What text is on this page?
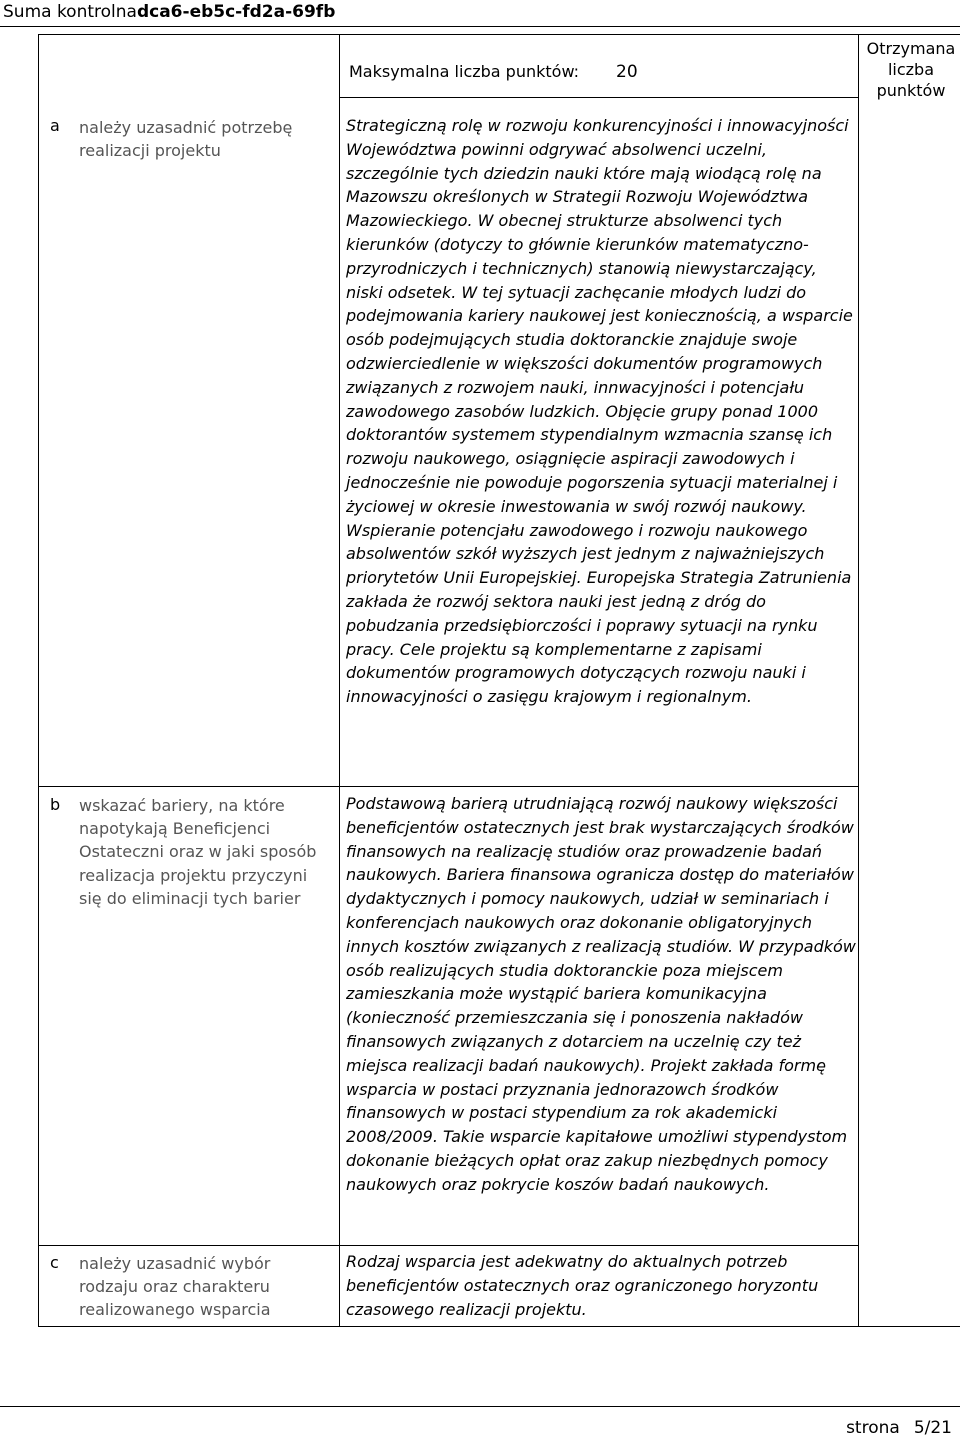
Suma kontrolnadca6-eb5c-fd2a-69fb
Maksymalna liczba punktów: 20
Otrzymana liczba punktów
a należy uzasadnić potrzebę realizacji projektu
Strategiczną rolę w rozwoju konkurencyjności i innowacyjności Województwa powinni odgrywać absolwenci uczelni, szczególnie tych dziedzin nauki które mają wiodącą rolę na Mazowszu określonych w Strategii Rozwoju Województwa Mazowieckiego. W obecnej strukturze absolwenci tych kierunków (dotyczy to głównie kierunków matematyczno-przyrodniczych i technicznych) stanowią niewystarczający, niski odsetek. W tej sytuacji zachęcanie młodych ludzi do podejmowania kariery naukowej jest koniecznością, a wsparcie osób podejmujących studia doktoranckie znajduje swoje odzwierciedlenie w większości dokumentów programowych związanych z rozwojem nauki, innwacyjności i potencjału zawodowego zasobów ludzkich. Objęcie grupy ponad 1000 doktorantów systemem stypendialnym wzmacnia szansę ich rozwoju naukowego, osiągnięcie aspiracji zawodowych i jednocześnie nie powoduje pogorszenia sytuacji materialnej i życiowej w okresie inwestowania w swój rozwój naukowy. Wspieranie potencjału zawodowego i rozwoju naukowego absolwentów szkół wyższych jest jednym z najważniejszych priorytetów Unii Europejskiej. Europejska Strategia Zatrunienia zakłada że rozwój sektora nauki jest jedną z dróg do pobudzania przedsiębiorczości i poprawy sytuacji na rynku pracy. Cele projektu są komplementarne z zapisami dokumentów programowych dotyczących rozwoju nauki i innowacyjności o zasięgu krajowym i regionalnym.
b wskazać bariery, na które napotykają Beneficjenci Ostateczni oraz w jaki sposób realizacja projektu przyczyni się do eliminacji tych barier
Podstawową barierą utrudniającą rozwój naukowy większości beneficjentów ostatecznych jest brak wystarczających środków finansowych na realizację studiów oraz prowadzenie badań naukowych. Bariera finansowa ogranicza dostęp do materiałów dydaktycznych i pomocy naukowych, udział w seminariach i konferencjach naukowych oraz dokonanie obligatoryjnych innych kosztów związanych z realizacją studiów. W przypadków osób realizujących studia doktoranckie poza miejscem zamieszkania może wystąpić bariera komunikacyjna (konieczność przemieszczania się i ponoszenia nakładów finansowych związanych z dotarciem na uczelnię czy też miejsca realizacji badań naukowych). Projekt zakłada formę wsparcia w postaci przyznania jednorazowch środków finansowych w postaci stypendium za rok akademicki 2008/2009. Takie wsparcie kapitałowe umożliwi stypendystom dokonanie bieżących opłat oraz zakup niezbędnych pomocy naukowych oraz pokrycie koszów badań naukowych.
c należy uzasadnić wybór rodzaju oraz charakteru realizowanego wsparcia
Rodzaj wsparcia jest adekwatny do aktualnych potrzeb beneficjentów ostatecznych oraz ograniczonego horyzontu czasowego realizacji projektu.
strona 5/21
